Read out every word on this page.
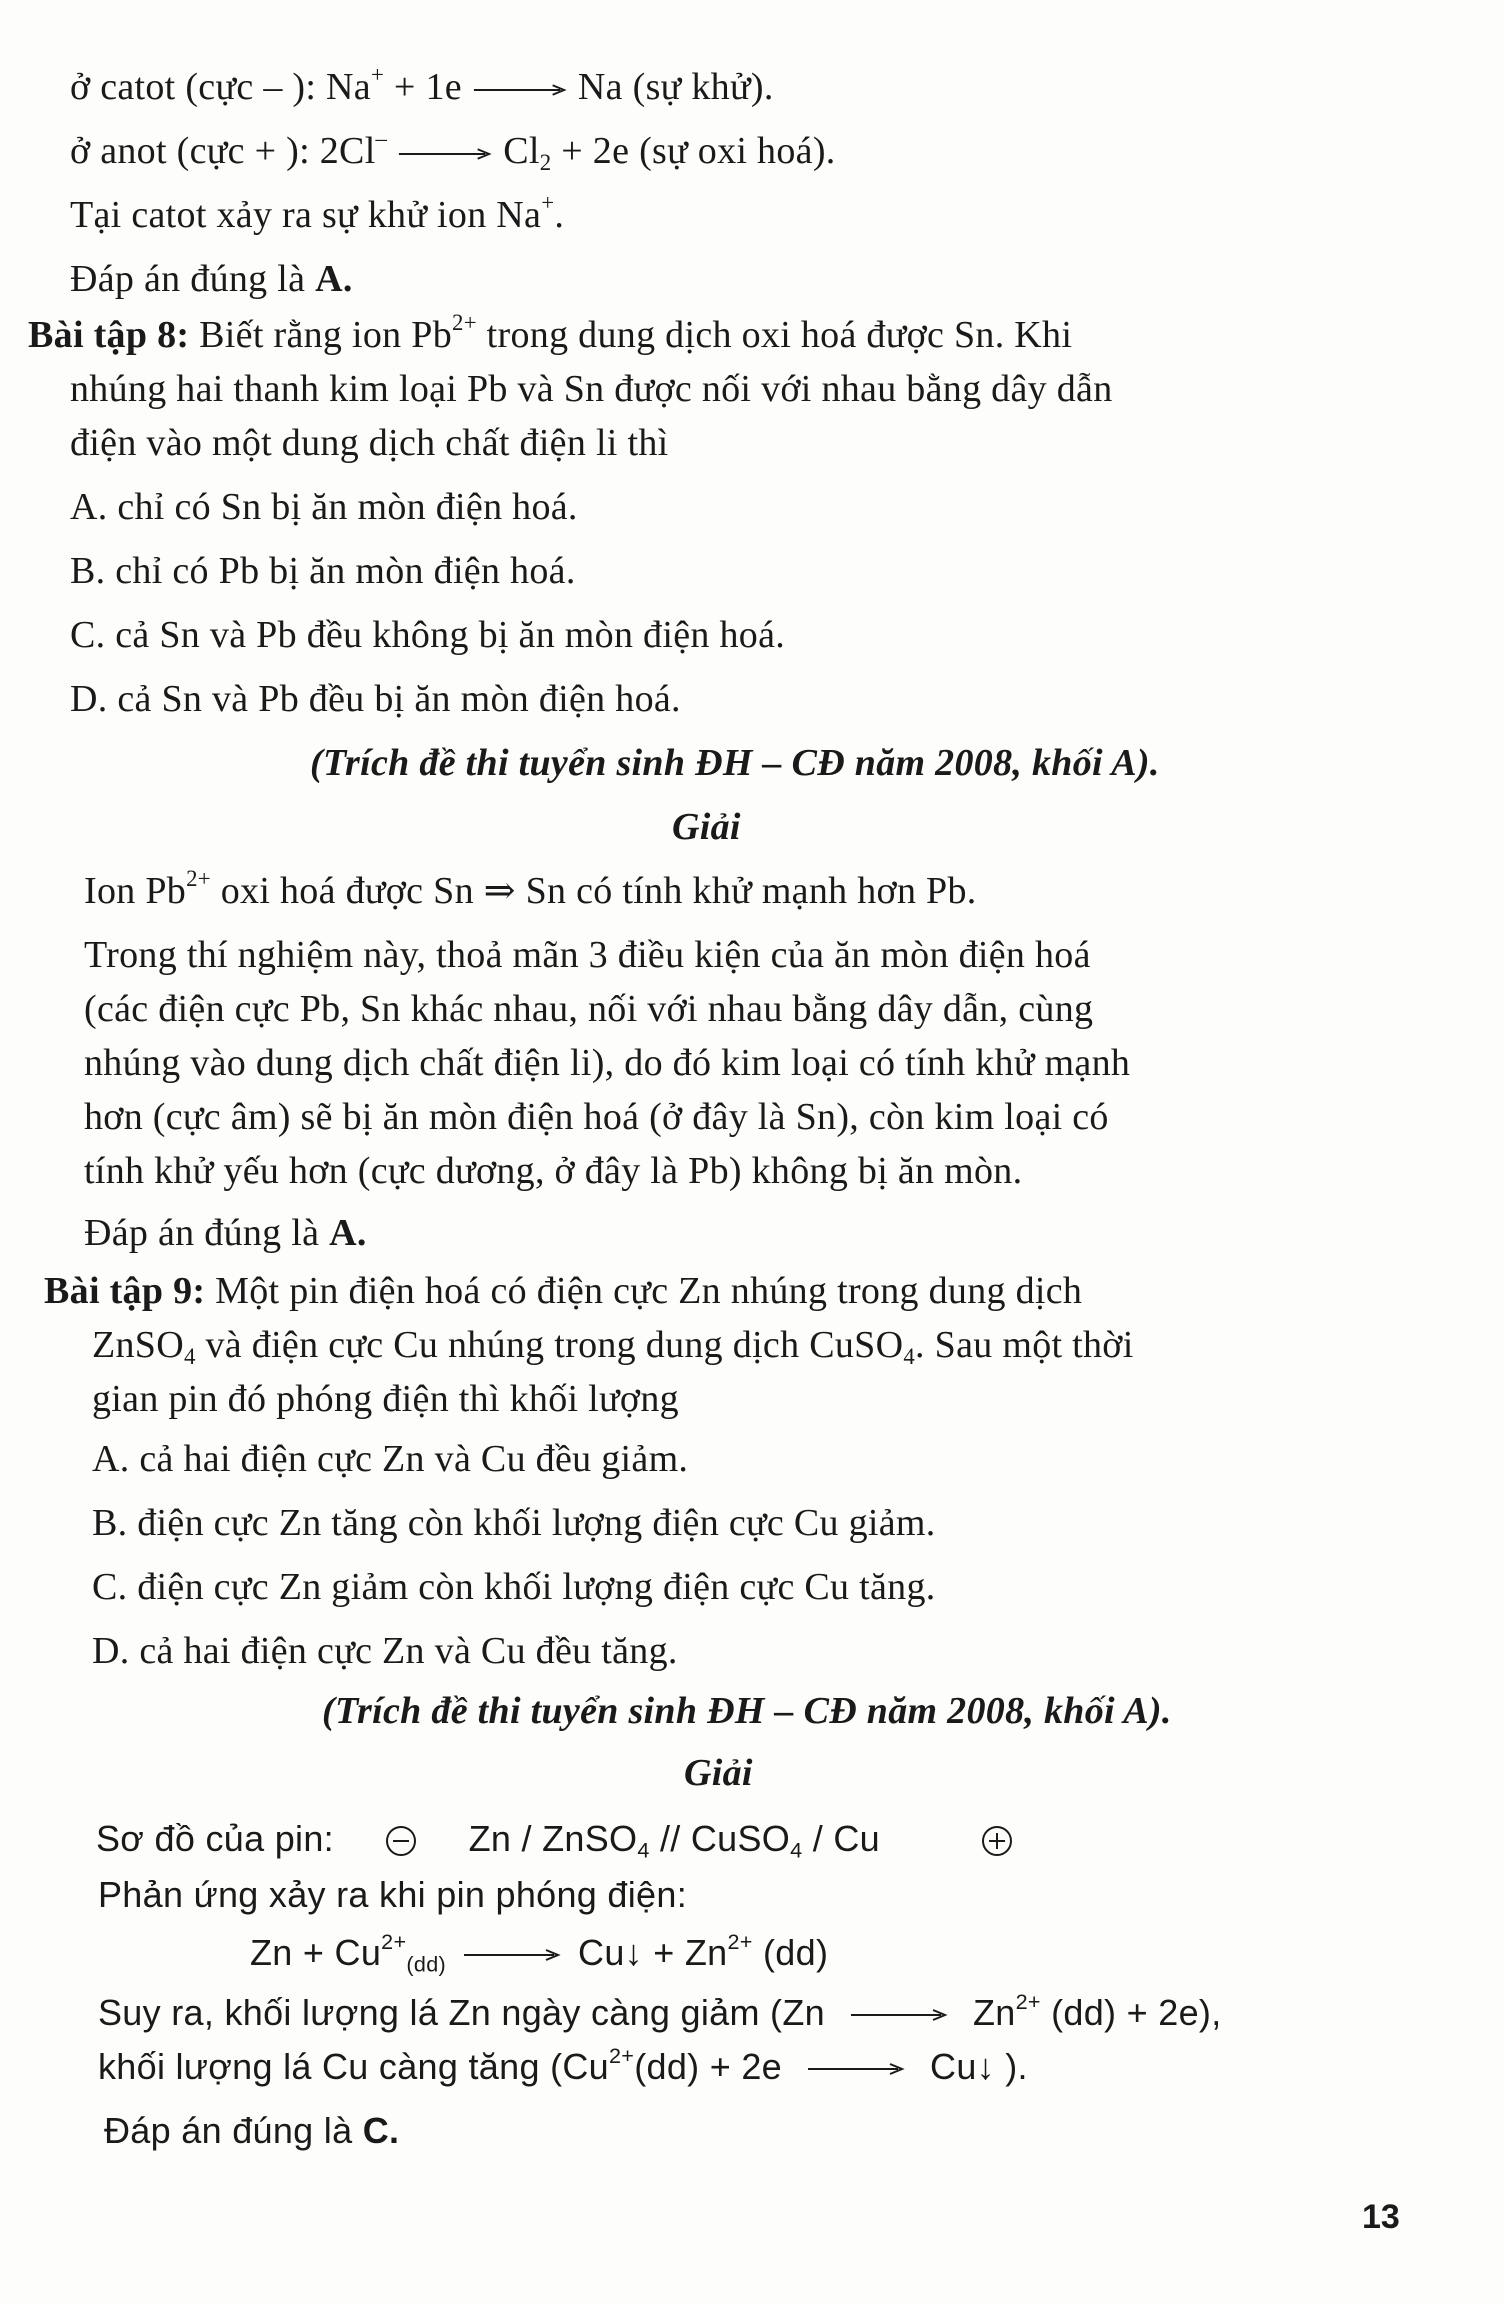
ở catot (cực – ): Na+ + 1e	Na (sự khử).
ở anot (cực + ): 2Cl–	$Cl_2 + 2e$ (sự oxi hoá).
Tại catot xảy ra sự khử ion Na+.
Đáp án đúng là A.
Bài tập 8: Biết rằng ion $Pb^{2+}$ trong dung dịch oxi hoá được Sn. Khi
nhúng hai thanh kim loại Pb và Sn được nối với nhau bằng dây dẫn
điện vào một dung dịch chất điện li thì
A. chỉ có Sn bị ăn mòn điện hoá.
B. chỉ có Pb bị ăn mòn điện hoá.
C. cả Sn và Pb đều không bị ăn mòn điện hoá.
D. cả Sn và Pb đều bị ăn mòn điện hoá.
(Trích đề thi tuyển sinh ĐH – CĐ năm 2008, khối A).
Giải
Ion $Pb^{2+}$ oxi hoá được Sn ⇒ Sn có tính khử mạnh hơn Pb.
Trong thí nghiệm này, thoả mãn 3 điều kiện của ăn mòn điện hoá
(các điện cực Pb, Sn khác nhau, nối với nhau bằng dây dẫn, cùng
nhúng vào dung dịch chất điện li), do đó kim loại có tính khử mạnh
hơn (cực âm) sẽ bị ăn mòn điện hoá (ở đây là Sn), còn kim loại có
tính khử yếu hơn (cực dương, ở đây là Pb) không bị ăn mòn.
Đáp án đúng là A.
Bài tập 9: Một pin điện hoá có điện cực Zn nhúng trong dung dịch
ZnSO$_4$ và điện cực Cu nhúng trong dung dịch CuSO$_4$. Sau một thời
gian pin đó phóng điện thì khối lượng
A. cả hai điện cực Zn và Cu đều giảm.
B. điện cực Zn tăng còn khối lượng điện cực Cu giảm.
C. điện cực Zn giảm còn khối lượng điện cực Cu tăng.
D. cả hai điện cực Zn và Cu đều tăng.
(Trích đề thi tuyển sinh ĐH – CĐ năm 2008, khối A).
Giải
Sơ đồ của pin:	Zn / ZnSO$_4$ // CuSO$_4$ / Cu
Phản ứng xảy ra khi pin phóng điện:
$Zn + Cu^{2+}_{(dd)}$	Cu↓ + $Zn^{2+}$ (dd)
Suy ra, khối lượng lá Zn ngày càng giảm (Zn	$Zn^{2+}$ (dd) + 2e),
khối lượng lá Cu càng tăng ($Cu^{2+}(dd) + 2e$	Cu↓ ).
Đáp án đúng là C.
13
